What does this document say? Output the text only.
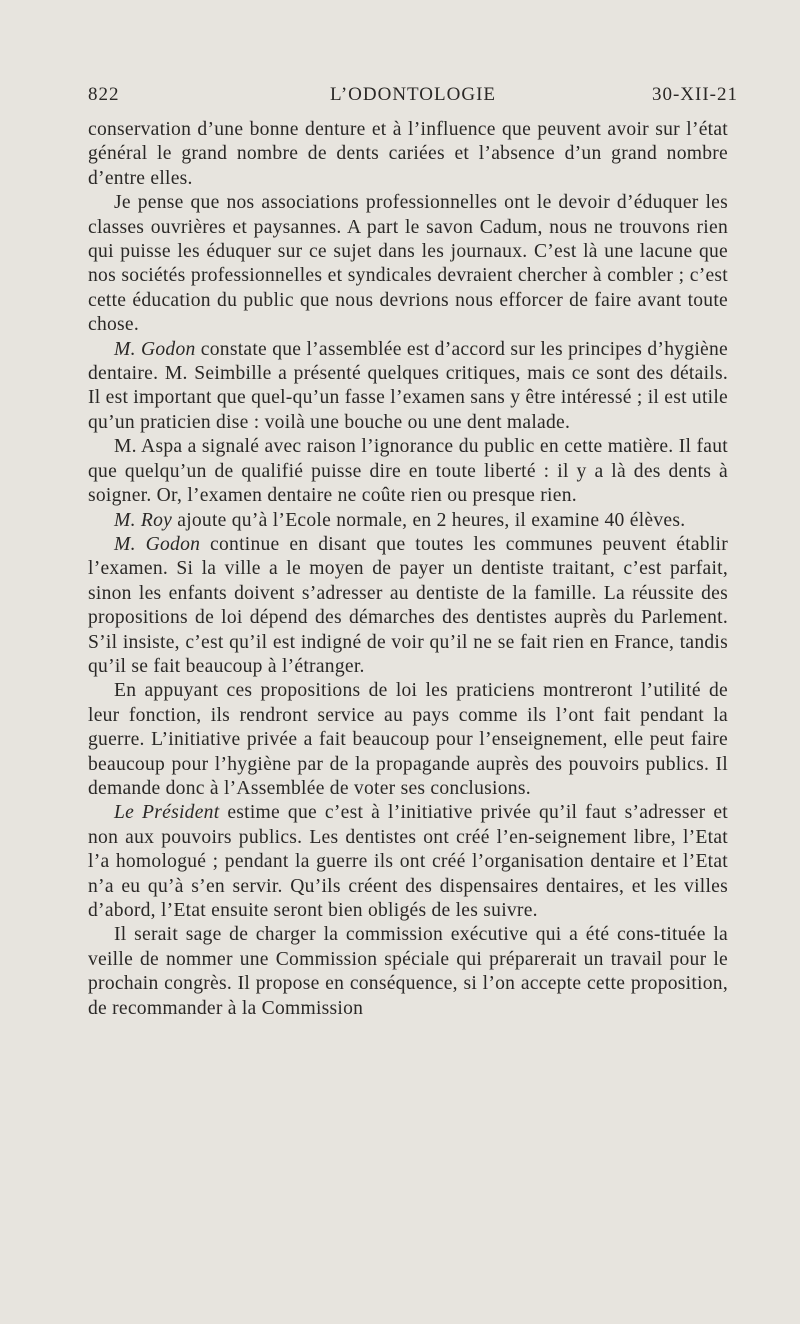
822	L’ODONTOLOGIE	30-XII-21

conservation d’une bonne denture et à l’influence que peuvent avoir sur l’état général le grand nombre de dents cariées et l’absence d’un grand nombre d’entre elles.

Je pense que nos associations professionnelles ont le devoir d’éduquer les classes ouvrières et paysannes. A part le savon Cadum, nous ne trouvons rien qui puisse les éduquer sur ce sujet dans les journaux. C’est là une lacune que nos sociétés professionnelles et syndicales devraient chercher à combler ; c’est cette éducation du public que nous devrions nous efforcer de faire avant toute chose.

M. Godon constate que l’assemblée est d’accord sur les principes d’hygiène dentaire. M. Seimbille a présenté quelques critiques, mais ce sont des détails. Il est important que quel-qu’un fasse l’examen sans y être intéressé ; il est utile qu’un praticien dise : voilà une bouche ou une dent malade.

M. Aspa a signalé avec raison l’ignorance du public en cette matière. Il faut que quelqu’un de qualifié puisse dire en toute liberté : il y a là des dents à soigner. Or, l’examen dentaire ne coûte rien ou presque rien.

M. Roy ajoute qu’à l’Ecole normale, en 2 heures, il examine 40 élèves.

M. Godon continue en disant que toutes les communes peuvent établir l’examen. Si la ville a le moyen de payer un dentiste traitant, c’est parfait, sinon les enfants doivent s’adresser au dentiste de la famille. La réussite des propositions de loi dépend des démarches des dentistes auprès du Parlement. S’il insiste, c’est qu’il est indigné de voir qu’il ne se fait rien en France, tandis qu’il se fait beaucoup à l’étranger.

En appuyant ces propositions de loi les praticiens montreront l’utilité de leur fonction, ils rendront service au pays comme ils l’ont fait pendant la guerre. L’initiative privée a fait beaucoup pour l’enseignement, elle peut faire beaucoup pour l’hygiène par de la propagande auprès des pouvoirs publics. Il demande donc à l’Assemblée de voter ses conclusions.

Le Président estime que c’est à l’initiative privée qu’il faut s’adresser et non aux pouvoirs publics. Les dentistes ont créé l’en-seignement libre, l’Etat l’a homologué ; pendant la guerre ils ont créé l’organisation dentaire et l’Etat n’a eu qu’à s’en servir. Qu’ils créent des dispensaires dentaires, et les villes d’abord, l’Etat ensuite seront bien obligés de les suivre.

Il serait sage de charger la commission exécutive qui a été cons-tituée la veille de nommer une Commission spéciale qui préparerait un travail pour le prochain congrès. Il propose en conséquence, si l’on accepte cette proposition, de recommander à la Commission
